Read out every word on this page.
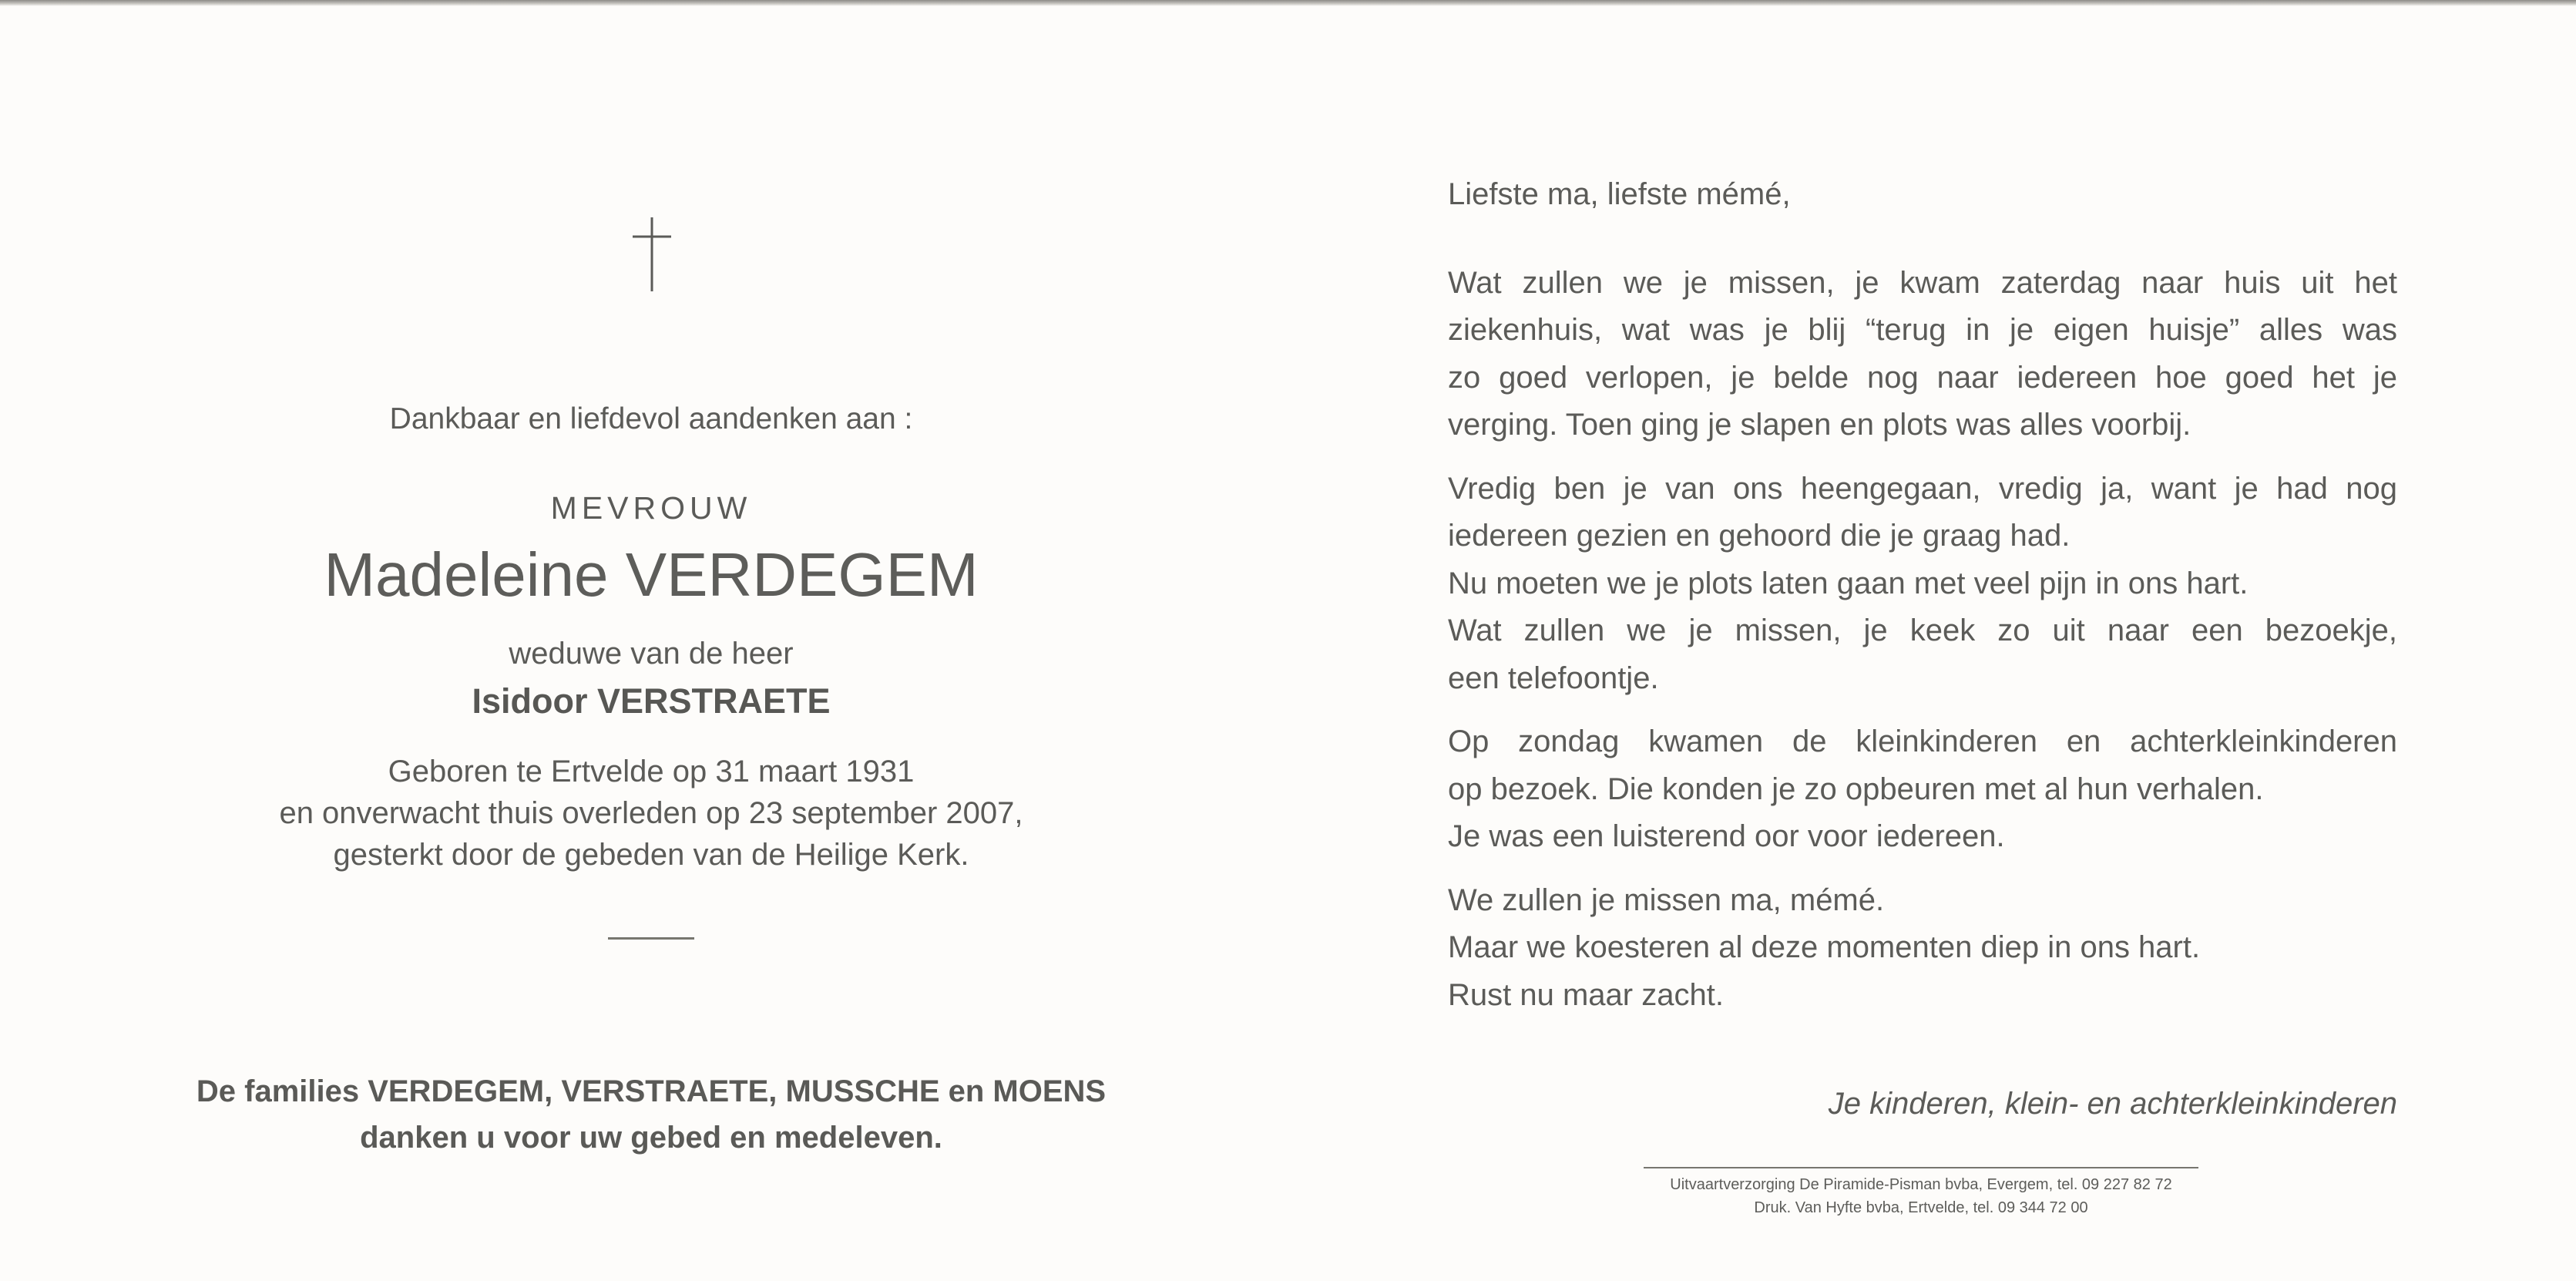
Dankbaar en liefdevol aandenken aan :

MEVROUW

Madeleine VERDEGEM

weduwe van de heer

Isidoor VERSTRAETE

Geboren te Ertvelde op 31 maart 1931
en onverwacht thuis overleden op 23 september 2007,
gesterkt door de gebeden van de Heilige Kerk.
De families VERDEGEM, VERSTRAETE, MUSSCHE en MOENS
danken u voor uw gebed en medeleven.

Liefste ma, liefste mémé,

Wat zullen we je missen, je kwam zaterdag naar huis uit het
ziekenhuis, wat was je blij “terug in je eigen huisje” alles was
zo goed verlopen, je belde nog naar iedereen hoe goed het je
verging. Toen ging je slapen en plots was alles voorbij.

Vredig ben je van ons heengegaan, vredig ja, want je had nog
iedereen gezien en gehoord die je graag had.
Nu moeten we je plots laten gaan met veel pijn in ons hart.
Wat zullen we je missen, je keek zo uit naar een bezoekje,
een telefoontje.

Op zondag kwamen de kleinkinderen en achterkleinkinderen
op bezoek. Die konden je zo opbeuren met al hun verhalen.
Je was een luisterend oor voor iedereen.

We zullen je missen ma, mémé.
Maar we koesteren al deze momenten diep in ons hart.
Rust nu maar zacht.

Je kinderen, klein- en achterkleinkinderen

Uitvaartverzorging De Piramide-Pisman bvba, Evergem, tel. 09 227 82 72
Druk. Van Hyfte bvba, Ertvelde, tel. 09 344 72 00
